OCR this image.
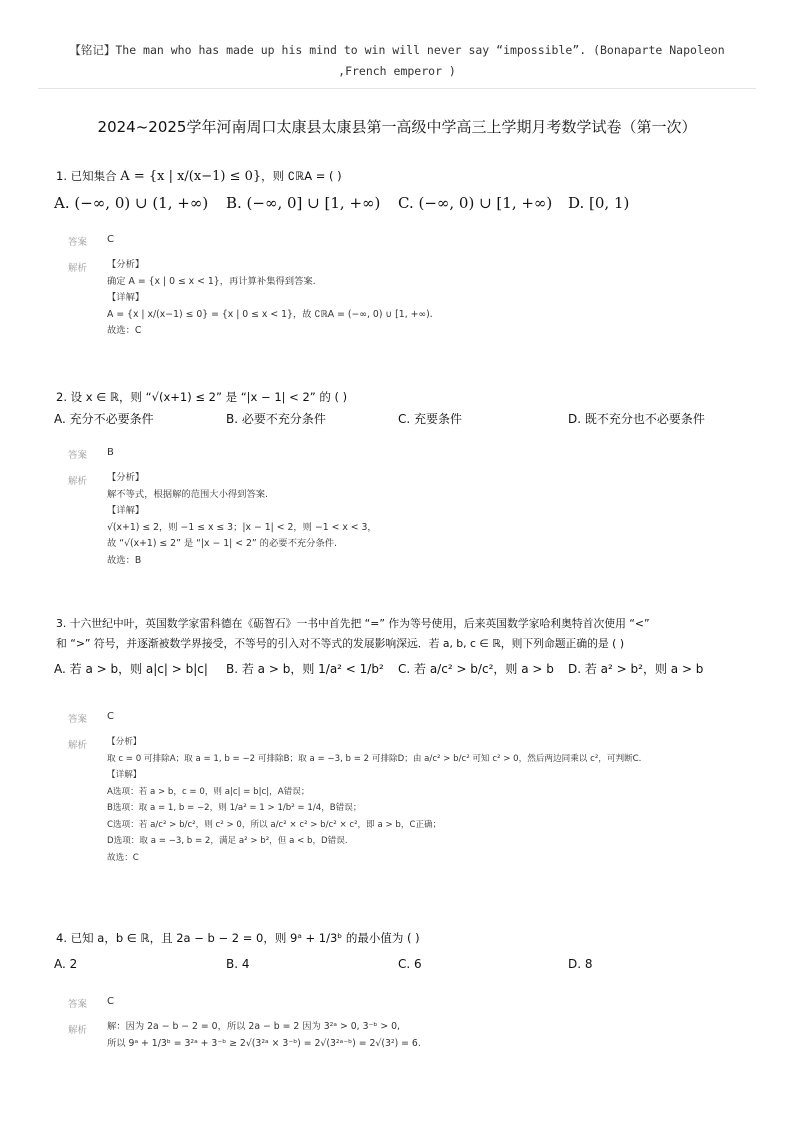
【铭记】The man who has made up his mind to win will never say “impossible”. (Bonaparte Napoleon
,French emperor )
2024~2025学年河南周口太康县太康县第一高级中学高三上学期月考数学试卷（第一次）
1. 已知集合 A = {x | x/(x−1) ≤ 0}，则 ∁ℝA = ( )
A. (−∞, 0) ∪ (1, +∞) B. (−∞, 0] ∪ [1, +∞) C. (−∞, 0) ∪ [1, +∞) D. [0, 1)
答案 C
解析 【分析】
确定 A = {x | 0 ≤ x < 1}，再计算补集得到答案.
【详解】
A = {x | x/(x−1) ≤ 0} = {x | 0 ≤ x < 1}，故 ∁ℝA = (−∞, 0) ∪ [1, +∞).
故选：C
2. 设 x ∈ ℝ，则 “√(x+1) ≤ 2” 是 “|x − 1| < 2” 的 ( )
A. 充分不必要条件	B. 必要不充分条件	C. 充要条件	D. 既不充分也不必要条件
答案 B
解析 【分析】
解不等式，根据解的范围大小得到答案.
【详解】
√(x+1) ≤ 2，则 −1 ≤ x ≤ 3；|x − 1| < 2，则 −1 < x < 3，
故 “√(x+1) ≤ 2” 是 “|x − 1| < 2” 的必要不充分条件.
故选：B
3. 十六世纪中叶，英国数学家雷科德在《砺智石》一书中首先把 “=” 作为等号使用，后来英国数学家哈利奥特首次使用 “<”
和 “>” 符号，并逐渐被数学界接受，不等号的引入对不等式的发展影响深远．若 a, b, c ∈ ℝ，则下列命题正确的是 ( )
A. 若 a > b，则 a|c| > b|c| B. 若 a > b，则 1/a² < 1/b² C. 若 a/c² > b/c²，则 a > b D. 若 a² > b²，则 a > b
答案 C
解析 【分析】
取 c = 0 可排除A；取 a = 1, b = −2 可排除B；取 a = −3, b = 2 可排除D；由 a/c² > b/c² 可知 c² > 0，然后两边同乘以 c²，可判断C.
【详解】
A选项：若 a > b，c = 0，则 a|c| = b|c|，A错误；
B选项：取 a = 1, b = −2，则 1/a² = 1 > 1/b² = 1/4，B错误；
C选项：若 a/c² > b/c²，则 c² > 0，所以 a/c² × c² > b/c² × c²，即 a > b，C正确；
D选项：取 a = −3, b = 2，满足 a² > b²，但 a < b，D错误.
故选：C
4. 已知 a，b ∈ ℝ，且 2a − b − 2 = 0，则 9ᵃ + 1/3ᵇ 的最小值为 ( )
A. 2	B. 4	C. 6	D. 8
答案 C
解析 解：因为 2a − b − 2 = 0，所以 2a − b = 2 因为 3²ᵃ > 0, 3⁻ᵇ > 0,
所以 9ᵃ + 1/3ᵇ = 3²ᵃ + 3⁻ᵇ ≥ 2√(3²ᵃ × 3⁻ᵇ) = 2√(3²ᵃ⁻ᵇ) = 2√(3²) = 6.
